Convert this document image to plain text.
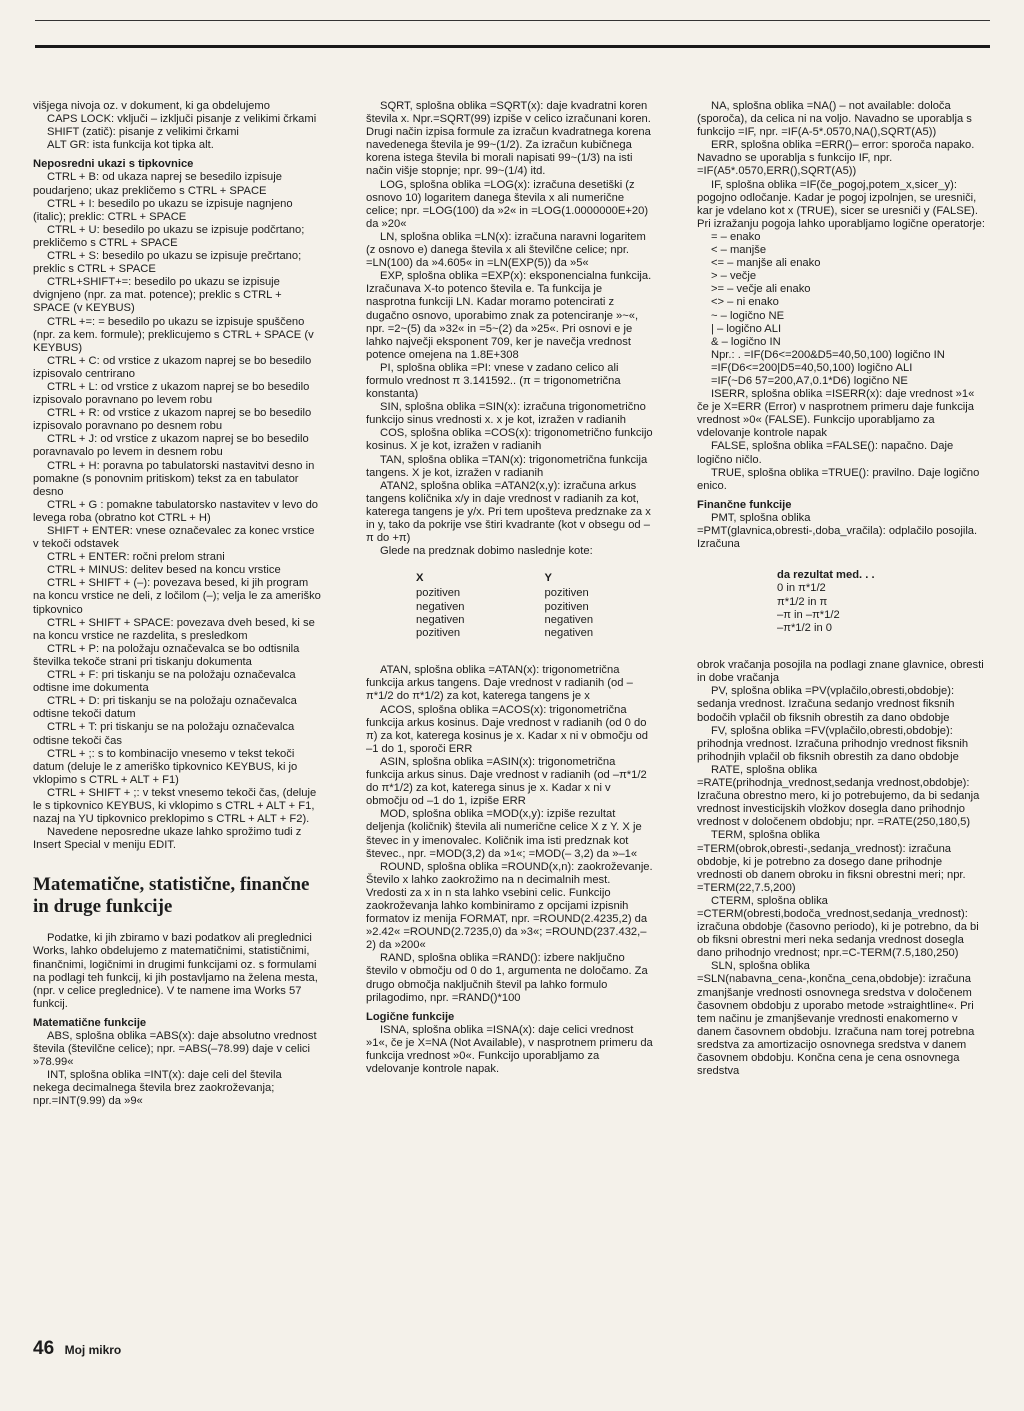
višjega nivoja oz. v dokument, ki ga obdelujemo

CAPS LOCK: vključi – izključi pisanje z velikimi črkami

SHIFT (zatič): pisanje z velikimi črkami

ALT GR: ista funkcija kot tipka alt.

Neposredni ukazi s tipkovnice

CTRL + B: od ukaza naprej se besedilo izpisuje poudarjeno; ukaz prekličemo s CTRL + SPACE

CTRL + I: besedilo po ukazu se izpisuje nagnjeno (italic); preklic: CTRL + SPACE

CTRL + U: besedilo po ukazu se izpisuje podčrtano; prekličemo s CTRL + SPACE

CTRL + S: besedilo po ukazu se izpisuje prečrtano; preklic s CTRL + SPACE

CTRL+SHIFT+=: besedilo po ukazu se izpisuje dvignjeno (npr. za mat. potence); preklic s CTRL + SPACE (v KEYBUS)

CTRL +=: = besedilo po ukazu se izpisuje spuščeno (npr. za kem. formule); preklicujemo s CTRL + SPACE (v KEYBUS)

CTRL + C: od vrstice z ukazom naprej se bo besedilo izpisovalo centrirano

CTRL + L: od vrstice z ukazom naprej se bo besedilo izpisovalo poravnano po levem robu

CTRL + R: od vrstice z ukazom naprej se bo besedilo izpisovalo poravnano po desnem robu

CTRL + J: od vrstice z ukazom naprej se bo besedilo poravnavalo po levem in desnem robu

CTRL + H: poravna po tabulatorski nastavitvi desno in pomakne (s ponovnim pritiskom) tekst za en tabulator desno

CTRL + G : pomakne tabulatorsko nastavitev v levo do levega roba (obratno kot CTRL + H)

SHIFT + ENTER: vnese označevalec za konec vrstice v tekoči odstavek

CTRL + ENTER: ročni prelom strani

CTRL + MINUS: delitev besed na koncu vrstice

CTRL + SHIFT + (–): povezava besed, ki jih program na koncu vrstice ne deli, z ločilom (–); velja le za ameriško tipkovnico

CTRL + SHIFT + SPACE: povezava dveh besed, ki se na koncu vrstice ne razdelita, s presledkom

CTRL + P: na položaju označevalca se bo odtisnila številka tekoče strani pri tiskanju dokumenta

CTRL + F: pri tiskanju se na položaju označevalca odtisne ime dokumenta

CTRL + D: pri tiskanju se na položaju označevalca odtisne tekoči datum

CTRL + T: pri tiskanju se na položaju označevalca odtisne tekoči čas

CTRL + ;: s to kombinacijo vnesemo v tekst tekoči datum (deluje le z ameriško tipkovnico KEYBUS, ki jo vklopimo s CTRL + ALT + F1)

CTRL + SHIFT + ;: v tekst vnesemo tekoči čas, (deluje le s tipkovnico KEYBUS, ki vklopimo s CTRL + ALT + F1, nazaj na YU tipkovnico preklopimo s CTRL + ALT + F2).

Navedene neposredne ukaze lahko sprožimo tudi z Insert Special v meniju EDIT.

Matematične, statistične, finančne in druge funkcije

Podatke, ki jih zbiramo v bazi podatkov ali preglednici Works, lahko obdelujemo z matematičnimi, statističnimi, finančnimi, logičnimi in drugimi funkcijami oz. s formulami na podlagi teh funkcij, ki jih postavljamo na želena mesta, (npr. v celice preglednice). V te namene ima Works 57 funkcij.

Matematične funkcije

ABS, splošna oblika =ABS(x): daje absolutno vrednost števila (številčne celice); npr. =ABS(–78.99) daje v celici »78.99«

INT, splošna oblika =INT(x): daje celi del števila nekega decimalnega števila brez zaokroževanja; npr.=INT(9.99) da »9«

SQRT, splošna oblika =SQRT(x): daje kvadratni koren števila x. Npr.=SQRT(99) izpiše v celico izračunani koren. Drugi način izpisa formule za izračun kvadratnega korena navedenega števila je 99~(1/2). Za izračun kubičnega korena istega števila bi morali napisati 99~(1/3) na isti način višje stopnje; npr. 99~(1/4) itd.

LOG, splošna oblika =LOG(x): izračuna desetiški (z osnovo 10) logaritem danega števila x ali numerične celice; npr. =LOG(100) da »2« in =LOG(1.0000000E+20) da »20«

LN, splošna oblika =LN(x): izračuna naravni logaritem (z osnovo e) danega števila x ali številčne celice; npr. =LN(100) da »4.605« in =LN(EXP(5)) da »5«

EXP, splošna oblika =EXP(x): eksponencialna funkcija. Izračunava X-to potenco števila e. Ta funkcija je nasprotna funkciji LN. Kadar moramo potencirati z dugačno osnovo, uporabimo znak za potenciranje »~«, npr. =2~(5) da »32« in =5~(2) da »25«. Pri osnovi e je lahko največji eksponent 709, ker je navečja vrednost potence omejena na 1.8E+308

PI, splošna oblika =PI: vnese v zadano celico ali formulo vrednost π 3.141592.. (π = trigonometrična konstanta)

SIN, splošna oblika =SIN(x): izračuna trigonometrično funkcijo sinus vrednosti x. x je kot, izražen v radianih

COS, splošna oblika =COS(x): trigonometrično funkcijo kosinus. X je kot, izražen v radianih

TAN, splošna oblika =TAN(x): trigonometrična funkcija tangens. X je kot, izražen v radianih

ATAN2, splošna oblika =ATAN2(x,y): izračuna arkus tangens količnika x/y in daje vrednost v radianih za kot, katerega tangens je y/x. Pri tem upošteva predznake za x in y, tako da pokrije vse štiri kvadrante (kot v obsegu od –π do +π)

Glede na predznak dobimo naslednje kote:

X	Y
pozitiven	pozitiven
negativen	pozitiven
negativen	negativen
pozitiven	negativen

ATAN, splošna oblika =ATAN(x): trigonometrična funkcija arkus tangens. Daje vrednost v radianih (od –π*1/2 do π*1/2) za kot, katerega tangens je x

ACOS, splošna oblika =ACOS(x): trigonometrična funkcija arkus kosinus. Daje vrednost v radianih (od 0 do π) za kot, katerega kosinus je x. Kadar x ni v območju od –1 do 1, sporoči ERR

ASIN, splošna oblika =ASIN(x): trigonometrična funkcija arkus sinus. Daje vrednost v radianih (od –π*1/2 do π*1/2) za kot, katerega sinus je x. Kadar x ni v območju od –1 do 1, izpiše ERR

MOD, splošna oblika =MOD(x,y): izpiše rezultat deljenja (količnik) števila ali numerične celice X z Y. X je števec in y imenovalec. Količnik ima isti predznak kot števec., npr. =MOD(3,2) da »1«; =MOD(– 3,2) da »–1«

ROUND, splošna oblika =ROUND(x,n): zaokroževanje. Število x lahko zaokrožimo na n decimalnih mest. Vredosti za x in n sta lahko vsebini celic. Funkcijo zaokroževanja lahko kombiniramo z opcijami izpisnih formatov iz menija FORMAT, npr. =ROUND(2.4235,2) da »2.42« =ROUND(2.7235,0) da »3«; =ROUND(237.432,–2) da »200«

RAND, splošna oblika =RAND(): izbere naključno število v območju od 0 do 1, argumenta ne določamo. Za drugo območja naključnih števil pa lahko formulo prilagodimo, npr. =RAND()*100

Logične funkcije

ISNA, splošna oblika =ISNA(x): daje celici vrednost »1«, če je X=NA (Not Available), v nasprotnem primeru da funkcija vrednost »0«. Funkcijo uporabljamo za vdelovanje kontrole napak.

NA, splošna oblika =NA() – not available: določa (sporoča), da celica ni na voljo. Navadno se uporablja s funkcijo =IF, npr. =IF(A-5*.0570,NA(),SQRT(A5))

ERR, splošna oblika =ERR()– error: sporoča napako. Navadno se uporablja s funkcijo IF, npr. =IF(A5*.0570,ERR(),SQRT(A5))

IF, splošna oblika =IF(če_pogoj,potem_x,sicer_y): pogojno odločanje. Kadar je pogoj izpolnjen, se uresniči, kar je vdelano kot x (TRUE), sicer se uresniči y (FALSE). Pri izražanju pogoja lahko uporabljamo logične operatorje:

= – enako

< – manjše

<= – manjše ali enako

> – večje

>= – večje ali enako

<> – ni enako

~ – logično NE

| – logično ALI

& – logično IN

Npr.: . =IF(D6<=200&D5=40,50,100) logično IN

=IF(D6<=200|D5=40,50,100) logično ALI

=IF(~D6 57=200,A7,0.1*D6) logično NE

ISERR, splošna oblika =ISERR(x): daje vrednost »1« če je X=ERR (Error) v nasprotnem primeru daje funkcija vrednost »0« (FALSE). Funkcijo uporabljamo za vdelovanje kontrole napak

FALSE, splošna oblika =FALSE(): napačno. Daje logično ničlo.

TRUE, splošna oblika =TRUE(): pravilno. Daje logično enico.

Finančne funkcije

PMT, splošna oblika =PMT(glavnica,obresti-,doba_vračila): odplačilo posojila. Izračuna

da rezultat med. . .
0 in π*1/2
π*1/2 in π
–π in –π*1/2
–π*1/2 in 0

obrok vračanja posojila na podlagi znane glavnice, obresti in dobe vračanja

PV, splošna oblika =PV(vplačilo,obresti,obdobje): sedanja vrednost. Izračuna sedanjo vrednost fiksnih bodočih vplačil ob fiksnih obrestih za dano obdobje

FV, splošna oblika =FV(vplačilo,obresti,obdobje): prihodnja vrednost. Izračuna prihodnjo vrednost fiksnih prihodnjih vplačil ob fiksnih obrestih za dano obdobje

RATE, splošna oblika =RATE(prihodnja_vrednost,sedanja vrednost,obdobje): Izračuna obrestno mero, ki jo potrebujemo, da bi sedanja vrednost investicijskih vložkov dosegla dano prihodnjo vrednost v določenem obdobju; npr. =RATE(250,180,5)

TERM, splošna oblika =TERM(obrok,obresti-,sedanja_vrednost): izračuna obdobje, ki je potrebno za dosego dane prihodnje vrednosti ob danem obroku in fiksni obrestni meri; npr. =TERM(22,7.5,200)

CTERM, splošna oblika =CTERM(obresti,bodoča_vrednost,sedanja_vrednost): izračuna obdobje (časovno periodo), ki je potrebno, da bi ob fiksni obrestni meri neka sedanja vrednost dosegla dano prihodnjo vrednost; npr.=C-TERM(7.5,180,250)

SLN, splošna oblika =SLN(nabavna_cena-,končna_cena,obdobje): izračuna zmanjšanje vrednosti osnovnega sredstva v določenem časovnem obdobju z uporabo metode »straightline«. Pri tem načinu je zmanjševanje vrednosti enakomerno v danem časovnem obdobju. Izračuna nam torej potrebna sredstva za amortizacijo osnovnega sredstva v danem časovnem obdobju. Končna cena je cena osnovnega sredstva

46 Moj mikro
